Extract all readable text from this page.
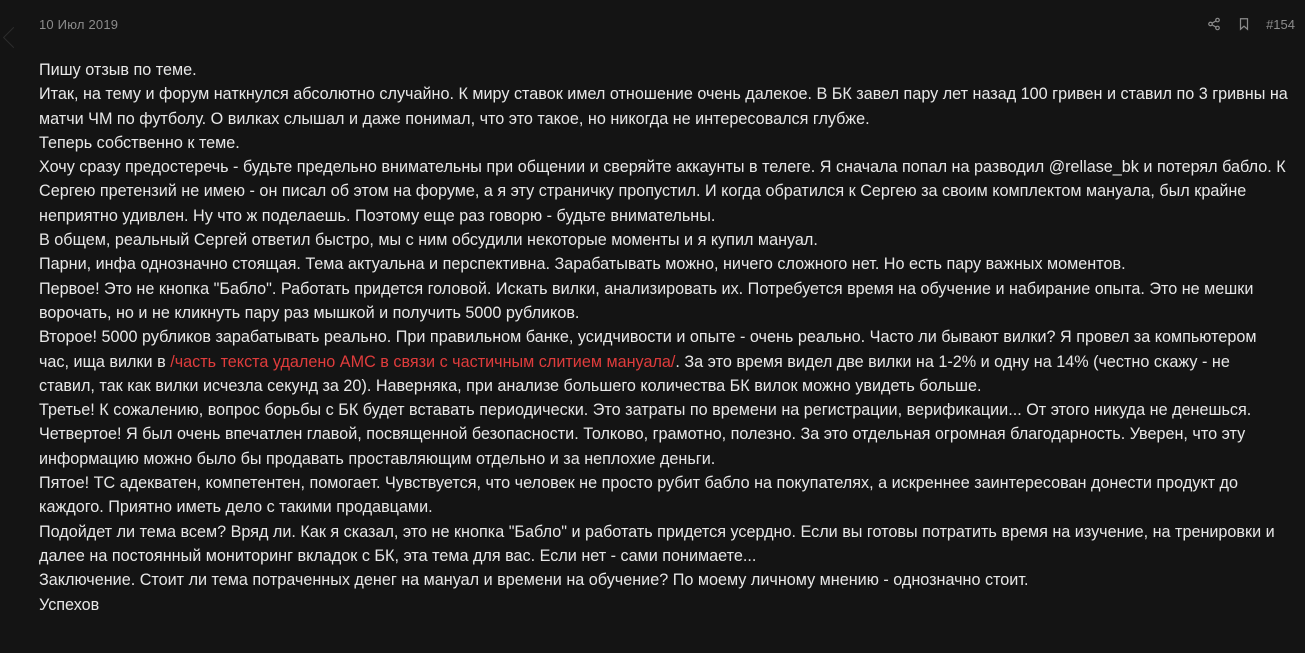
10 Июл 2019	#154

Пишу отзыв по теме.

Итак, на тему и форум наткнулся абсолютно случайно. К миру ставок имел отношение очень далекое. В БК завел пару лет назад 100 гривен и ставил по 3 гривны на матчи ЧМ по футболу. О вилках слышал и даже понимал, что это такое, но никогда не интересовался глубже.

Теперь собственно к теме.

Хочу сразу предостеречь - будьте предельно внимательны при общении и сверяйте аккаунты в телеге. Я сначала попал на разводил @rellase_bk и потерял бабло. К Сергею претензий не имею - он писал об этом на форуме, а я эту страничку пропустил. И когда обратился к Сергею за своим комплектом мануала, был крайне неприятно удивлен. Ну что ж поделаешь. Поэтому еще раз говорю - будьте внимательны.

В общем, реальный Сергей ответил быстро, мы с ним обсудили некоторые моменты и я купил мануал.

Парни, инфа однозначно стоящая. Тема актуальна и перспективна. Зарабатывать можно, ничего сложного нет. Но есть пару важных моментов.

Первое! Это не кнопка "Бабло". Работать придется головой. Искать вилки, анализировать их. Потребуется время на обучение и набирание опыта. Это не мешки ворочать, но и не кликнуть пару раз мышкой и получить 5000 рубликов.

Второе! 5000 рубликов зарабатывать реально. При правильном банке, усидчивости и опыте - очень реально. Часто ли бывают вилки? Я провел за компьютером час, ища вилки в /часть текста удалено АМС в связи с частичным слитием мануала/. За это время видел две вилки на 1-2% и одну на 14% (честно скажу - не ставил, так как вилки исчезла секунд за 20). Наверняка, при анализе большего количества БК вилок можно увидеть больше.

Третье! К сожалению, вопрос борьбы с БК будет вставать периодически. Это затраты по времени на регистрации, верификации... От этого никуда не денешься.

Четвертое! Я был очень впечатлен главой, посвященной безопасности. Толково, грамотно, полезно. За это отдельная огромная благодарность. Уверен, что эту информацию можно было бы продавать проставляющим отдельно и за неплохие деньги.

Пятое! ТС адекватен, компетентен, помогает. Чувствуется, что человек не просто рубит бабло на покупателях, а искреннее заинтересован донести продукт до каждого. Приятно иметь дело с такими продавцами.

Подойдет ли тема всем? Вряд ли. Как я сказал, это не кнопка "Бабло" и работать придется усердно. Если вы готовы потратить время на изучение, на тренировки и далее на постоянный мониторинг вкладок с БК, эта тема для вас. Если нет - сами понимаете...

Заключение. Стоит ли тема потраченных денег на мануал и времени на обучение? По моему личному мнению - однозначно стоит.

Успехов
